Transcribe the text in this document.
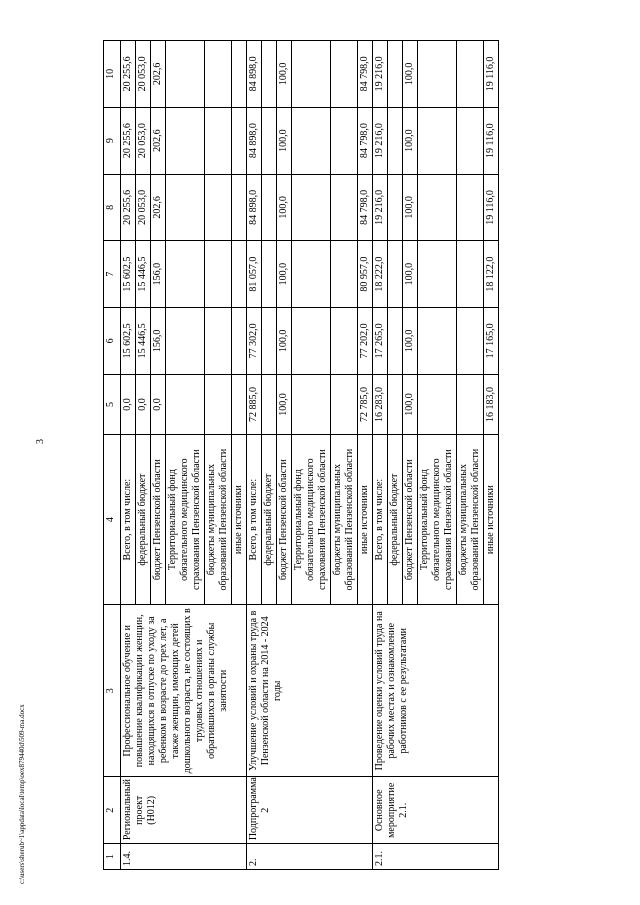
3
c:\users\sherub~1\appdata\local\temp\oex879440d\509-ma.docx	1	2	3	4	5	6	7	8	9	10
1.4.	Региональный проект (Н012)	Профессиональное обучение и повышение квалификации женщин, находящихся в отпуске по уходу за ребенком в возрасте до трех лет, а также женщин, имеющих детей дошкольного возраста, не состоящих в трудовых отношениях и обратившихся в органы службы занятости	Всего, в том числе:	0,0	15 602,5	15 602,5	20 255,6	20 255,6	20 255,6
			федеральный бюджет	0,0	15 446,5	15 446,5	20 053,0	20 053,0	20 053,0
			бюджет Пензенской области	0,0	156,0	156,0	202,6	202,6	202,6
			Территориальный фонд обязательного медицинского страхования Пензенской области						
			бюджеты муниципальных образований Пензенской области						
			иные источники						
2.	Подпрограмма 2	Улучшение условий и охраны труда в Пензенской области на 2014 - 2024 годы	Всего, в том числе:	72 885,0	77 302,0	81 057,0	84 898,0	84 898,0	84 898,0
			федеральный бюджет						
			бюджет Пензенской области	100,0	100,0	100,0	100,0	100,0	100,0
			Территориальный фонд обязательного медицинского страхования Пензенской области						
			бюджеты муниципальных образований Пензенской области						
			иные источники	72 785,0	77 202,0	80 957,0	84 798,0	84 798,0	84 798,0
2.1.	Основное мероприятие 2.1.	Проведение оценки условий труда на рабочих местах и ознакомление работников с ее результатами	Всего, в том числе:	16 283,0	17 265,0	18 222,0	19 216,0	19 216,0	19 216,0
			федеральный бюджет						
			бюджет Пензенской области	100,0	100,0	100,0	100,0	100,0	100,0
			Территориальный фонд обязательного медицинского страхования Пензенской области						
			бюджеты муниципальных образований Пензенской области						
			иные источники	16 183,0	17 165,0	18 122,0	19 116,0	19 116,0	19 116,0
